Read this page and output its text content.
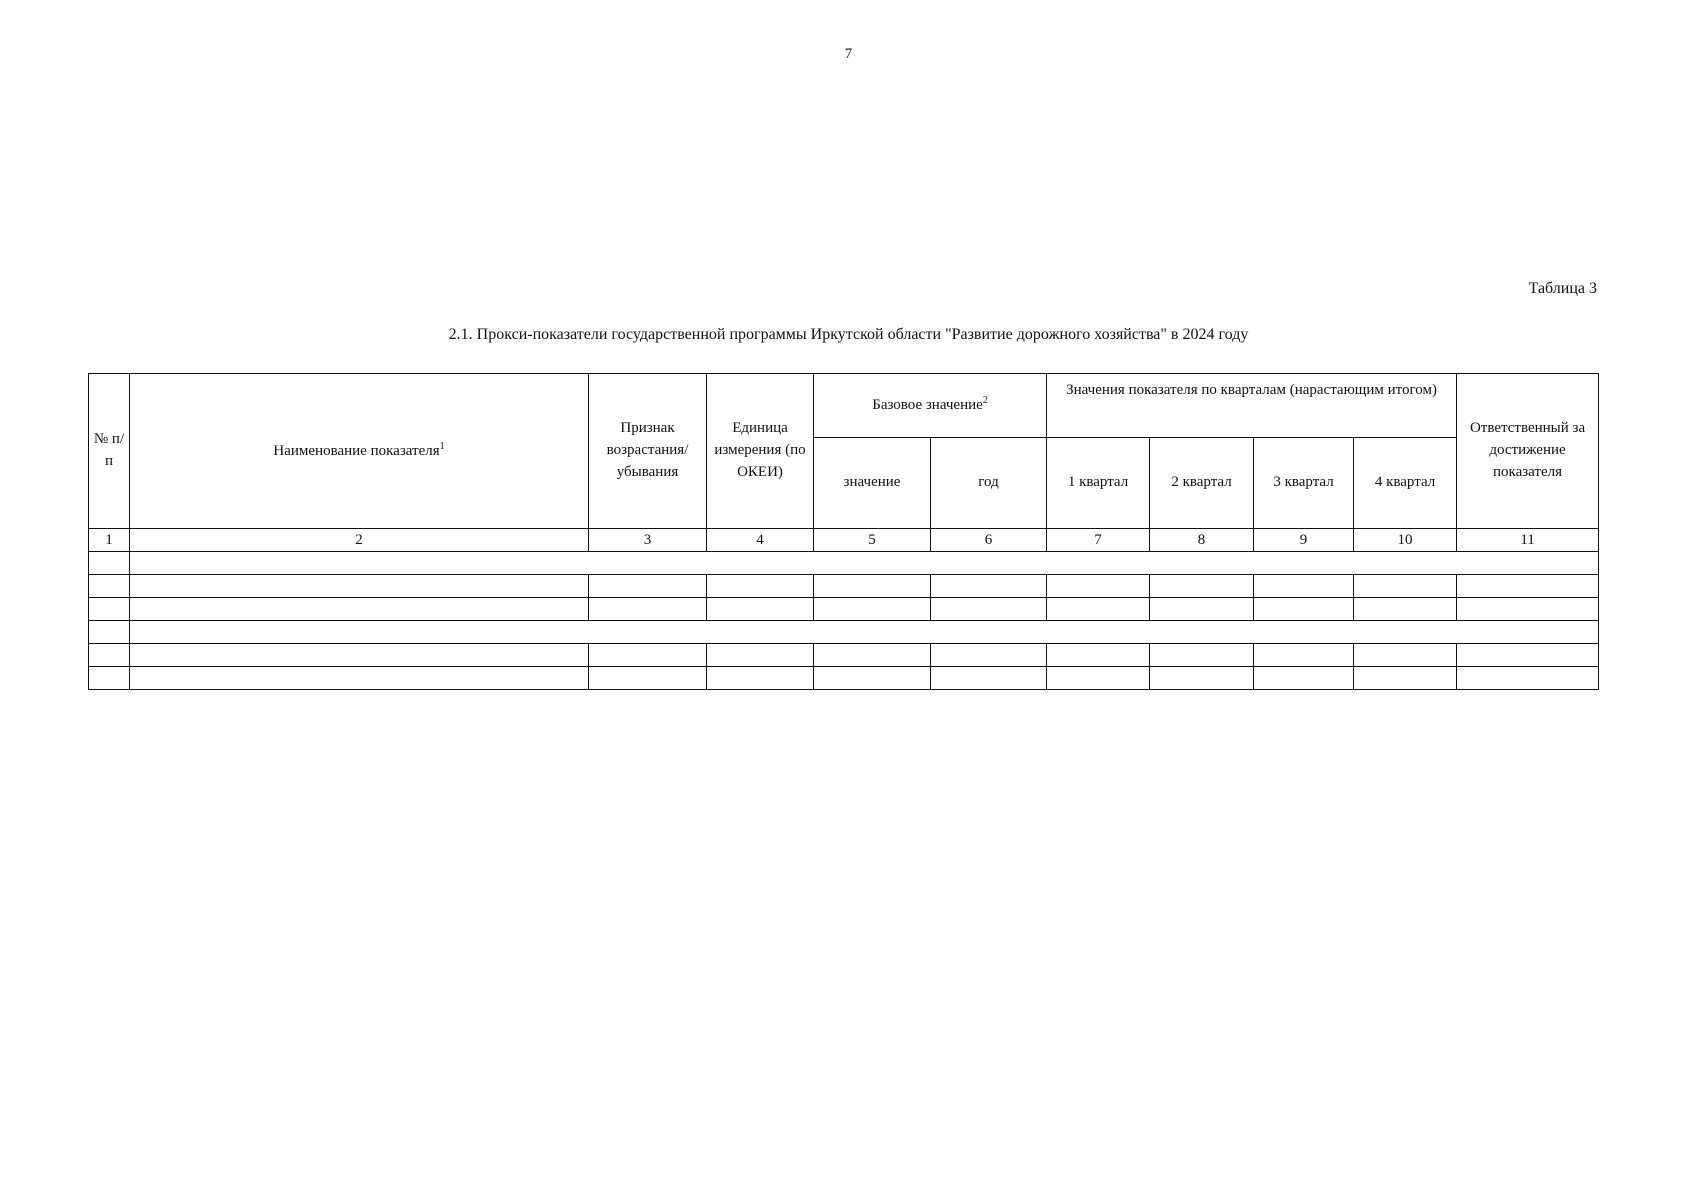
7
Таблица 3
2.1. Прокси-показатели государственной программы Иркутской области "Развитие дорожного хозяйства" в 2024 году
№ п/п	Наименование показателя$^1$	Признак возрастания/убывания	Единица измерения (по ОКЕИ)	Базовое значение$^2$		Значения показателя по кварталам (нарастающим итогом)				Ответственный за достижение показателя
				значение	год	1 квартал	2 квартал	3 квартал	4 квартал	
1	2	3	4	5	6	7	8	9	10	11
